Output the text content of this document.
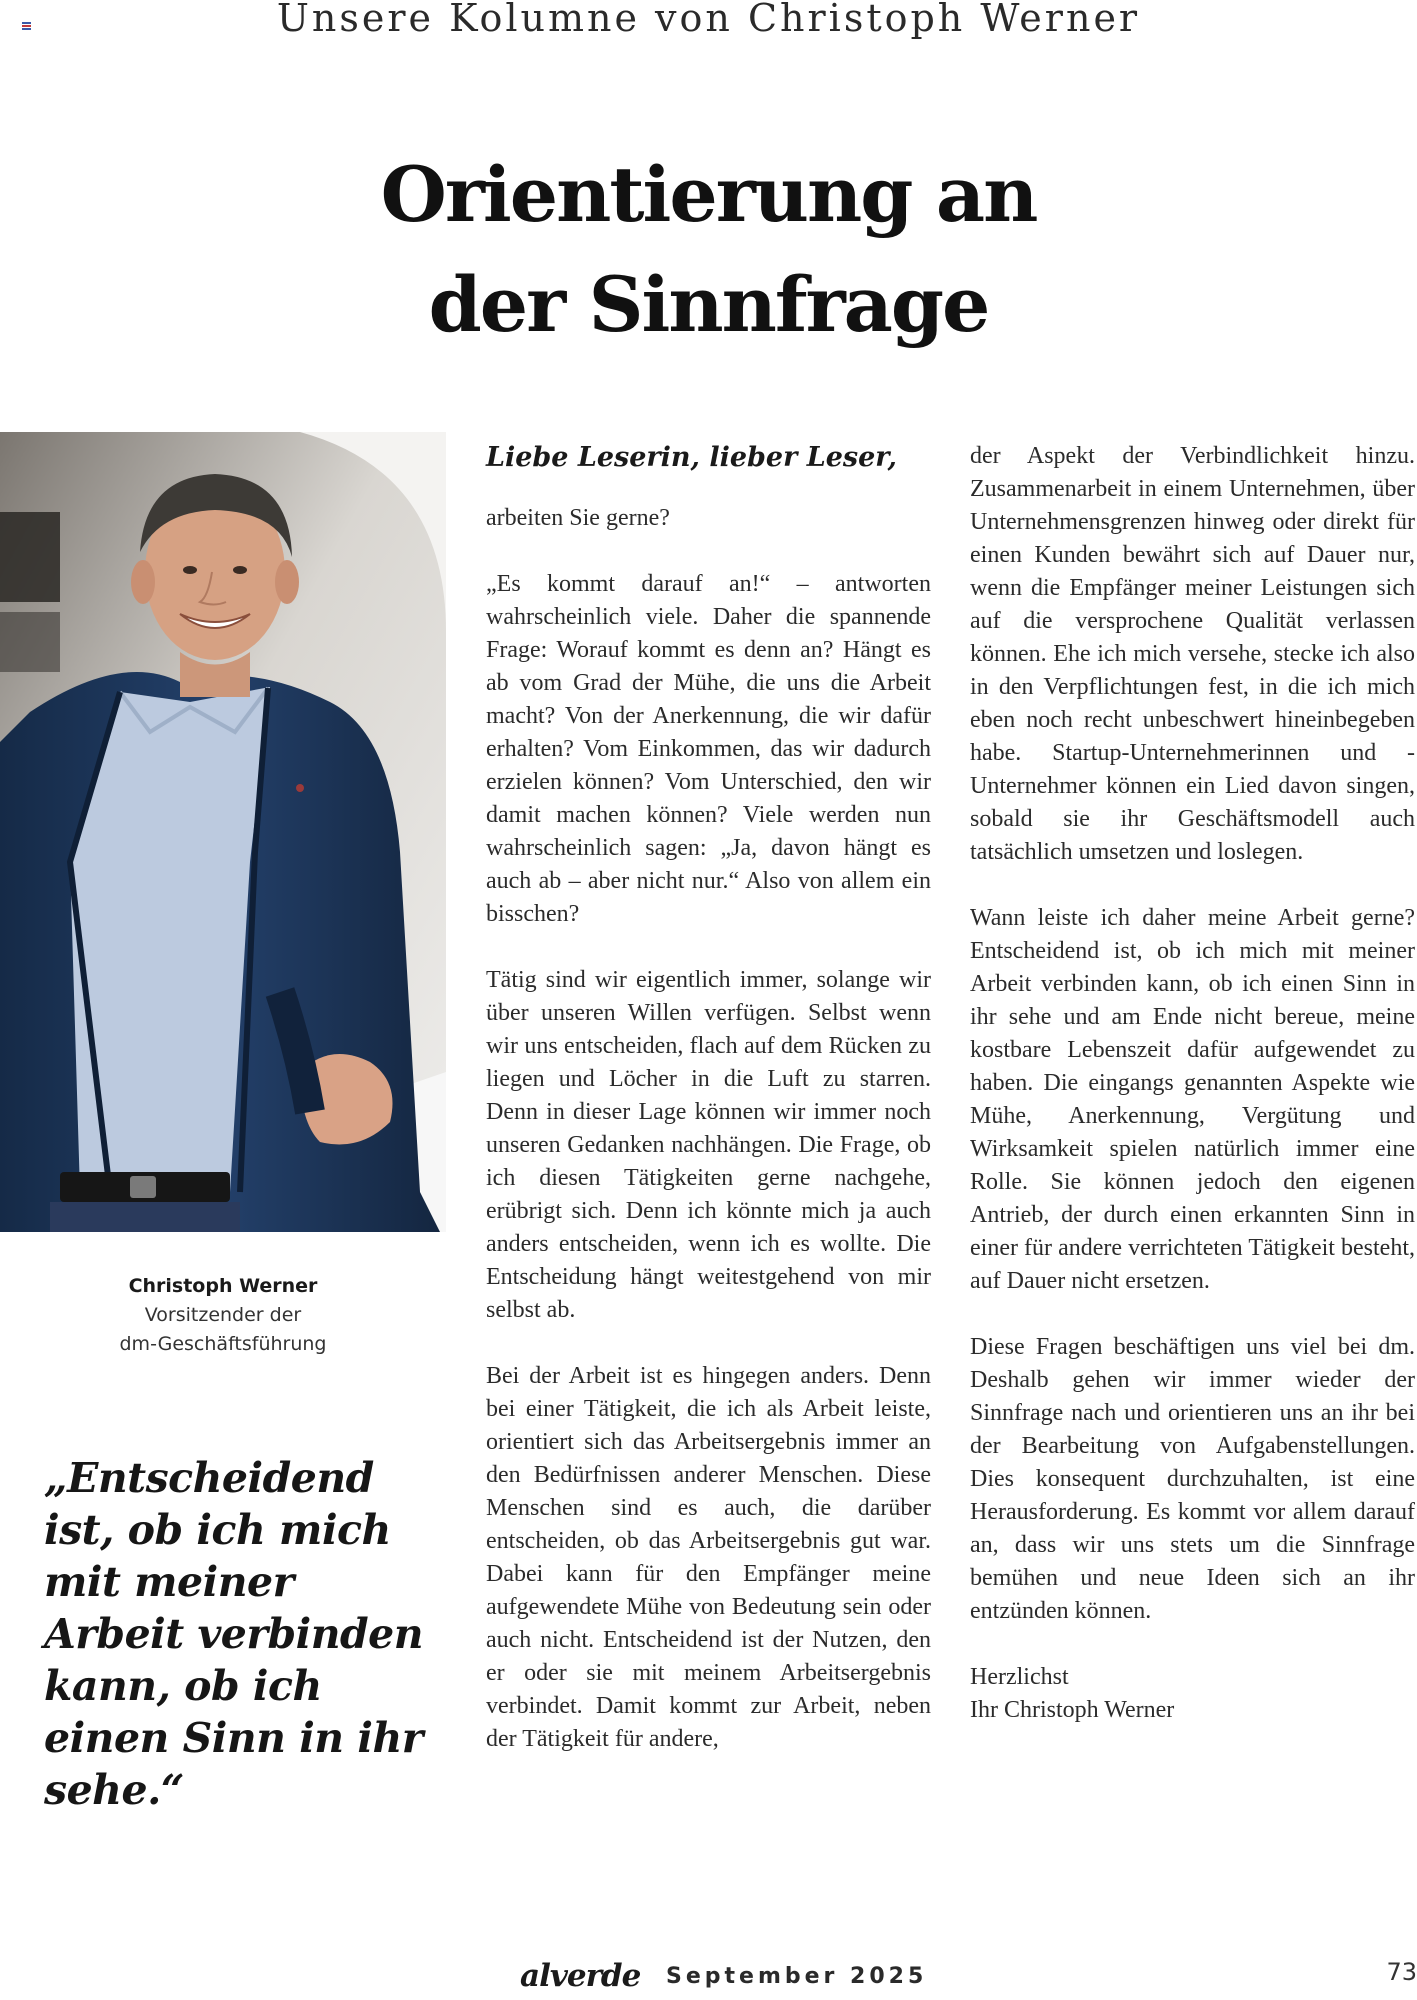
Unsere Kolumne von Christoph Werner
Orientierung an
der Sinnfrage
Christoph Werner
Vorsitzender der
dm-Geschäftsführung
„Entscheidend ist, ob ich mich mit meiner Arbeit verbinden kann, ob ich einen Sinn in ihr sehe.“

Liebe Leserin, lieber Leser,

arbeiten Sie gerne?

„Es kommt darauf an!“ – antworten wahrscheinlich viele. Daher die spannende Frage: Worauf kommt es denn an? Hängt es ab vom Grad der Mühe, die uns die Arbeit macht? Von der Anerkennung, die wir dafür erhalten? Vom Einkommen, das wir dadurch erzielen können? Vom Unterschied, den wir damit machen können? Viele werden nun wahrscheinlich sagen: „Ja, davon hängt es auch ab – aber nicht nur.“ Also von allem ein bisschen?

Tätig sind wir eigentlich immer, solange wir über unseren Willen verfügen. Selbst wenn wir uns entscheiden, flach auf dem Rücken zu liegen und Löcher in die Luft zu starren. Denn in dieser Lage können wir immer noch unseren Gedanken nachhängen. Die Frage, ob ich diesen Tätigkeiten gerne nachgehe, erübrigt sich. Denn ich könnte mich ja auch anders entscheiden, wenn ich es wollte. Die Entscheidung hängt weitestgehend von mir selbst ab.

Bei der Arbeit ist es hingegen anders. Denn bei einer Tätigkeit, die ich als Arbeit leiste, orientiert sich das Arbeitsergebnis immer an den Bedürfnissen anderer Menschen. Diese Menschen sind es auch, die darüber entscheiden, ob das Arbeitsergebnis gut war. Dabei kann für den Empfänger meine aufgewendete Mühe von Bedeutung sein oder auch nicht. Entscheidend ist der Nutzen, den er oder sie mit meinem Arbeitsergebnis verbindet. Damit kommt zur Arbeit, neben der Tätigkeit für andere,

der Aspekt der Verbindlichkeit hinzu. Zusammenarbeit in einem Unternehmen, über Unternehmensgrenzen hinweg oder direkt für einen Kunden bewährt sich auf Dauer nur, wenn die Empfänger meiner Leistungen sich auf die versprochene Qualität verlassen können. Ehe ich mich versehe, stecke ich also in den Verpflichtungen fest, in die ich mich eben noch recht unbeschwert hineinbegeben habe. Startup-Unternehmerinnen und -Unternehmer können ein Lied davon singen, sobald sie ihr Geschäftsmodell auch tatsächlich umsetzen und loslegen.

Wann leiste ich daher meine Arbeit gerne? Entscheidend ist, ob ich mich mit meiner Arbeit verbinden kann, ob ich einen Sinn in ihr sehe und am Ende nicht bereue, meine kostbare Lebenszeit dafür aufgewendet zu haben. Die eingangs genannten Aspekte wie Mühe, Anerkennung, Vergütung und Wirksamkeit spielen natürlich immer eine Rolle. Sie können jedoch den eigenen Antrieb, der durch einen erkannten Sinn in einer für andere verrichteten Tätigkeit besteht, auf Dauer nicht ersetzen.

Diese Fragen beschäftigen uns viel bei dm. Deshalb gehen wir immer wieder der Sinnfrage nach und orientieren uns an ihr bei der Bearbeitung von Aufgabenstellungen. Dies konsequent durchzuhalten, ist eine Herausforderung. Es kommt vor allem darauf an, dass wir uns stets um die Sinnfrage bemühen und neue Ideen sich an ihr entzünden können.

Herzlichst
Ihr Christoph Werner

alverde September 2025	73
